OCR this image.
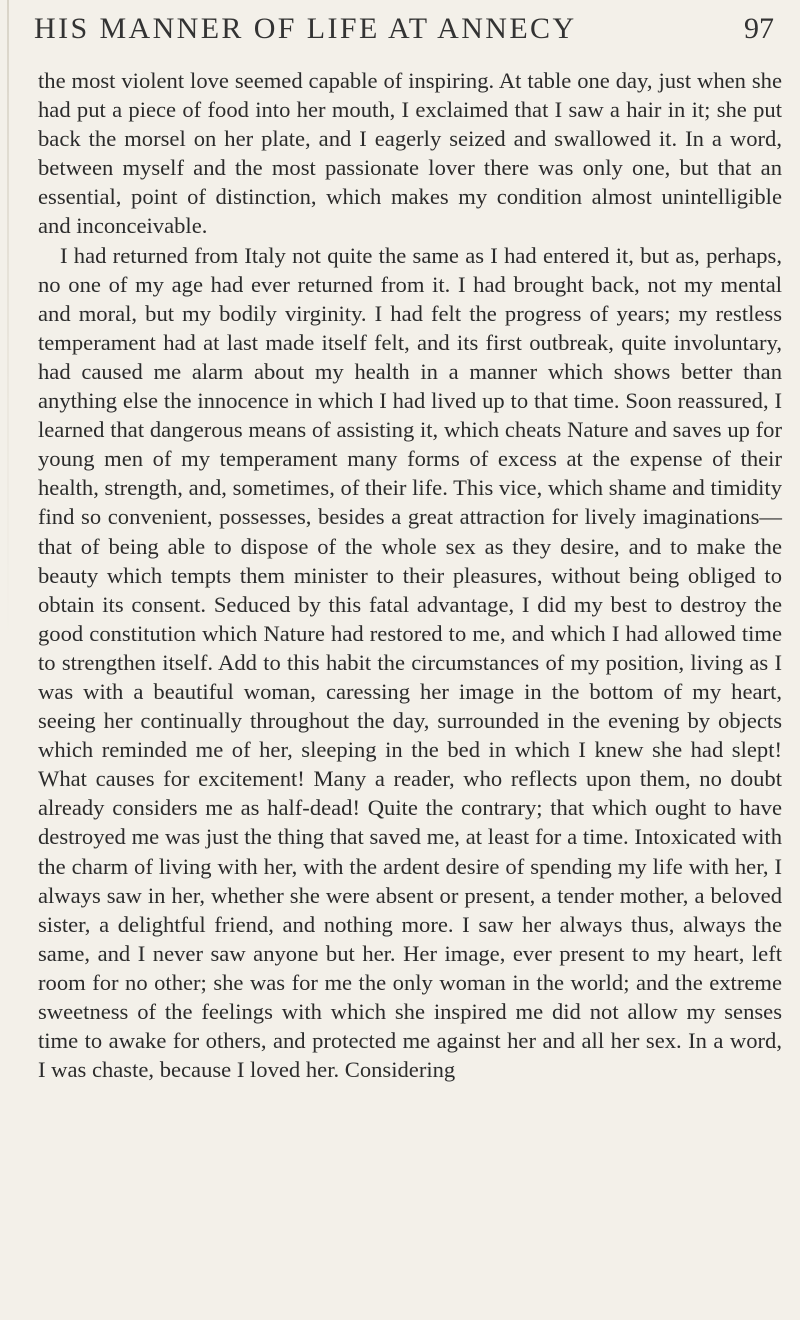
HIS MANNER OF LIFE AT ANNECY	97

the most violent love seemed capable of inspiring. At table one day, just when she had put a piece of food into her mouth, I exclaimed that I saw a hair in it; she put back the morsel on her plate, and I eagerly seized and swallowed it. In a word, between myself and the most passionate lover there was only one, but that an essential, point of distinction, which makes my condition almost unintelligible and inconceivable.

I had returned from Italy not quite the same as I had entered it, but as, perhaps, no one of my age had ever returned from it. I had brought back, not my mental and moral, but my bodily virginity. I had felt the progress of years; my restless temperament had at last made itself felt, and its first outbreak, quite involuntary, had caused me alarm about my health in a manner which shows better than anything else the innocence in which I had lived up to that time. Soon reassured, I learned that dangerous means of assisting it, which cheats Nature and saves up for young men of my temperament many forms of excess at the expense of their health, strength, and, sometimes, of their life. This vice, which shame and timidity find so convenient, possesses, besides a great attraction for lively imaginations—that of being able to dispose of the whole sex as they desire, and to make the beauty which tempts them minister to their pleasures, without being obliged to obtain its consent. Seduced by this fatal advantage, I did my best to destroy the good constitution which Nature had restored to me, and which I had allowed time to strengthen itself. Add to this habit the circumstances of my position, living as I was with a beautiful woman, caressing her image in the bottom of my heart, seeing her continually throughout the day, surrounded in the evening by objects which reminded me of her, sleeping in the bed in which I knew she had slept! What causes for excitement! Many a reader, who reflects upon them, no doubt already considers me as half-dead! Quite the contrary; that which ought to have destroyed me was just the thing that saved me, at least for a time. Intoxicated with the charm of living with her, with the ardent desire of spending my life with her, I always saw in her, whether she were absent or present, a tender mother, a beloved sister, a delightful friend, and nothing more. I saw her always thus, always the same, and I never saw anyone but her. Her image, ever present to my heart, left room for no other; she was for me the only woman in the world; and the extreme sweetness of the feelings with which she inspired me did not allow my senses time to awake for others, and protected me against her and all her sex. In a word, I was chaste, because I loved her. Considering
